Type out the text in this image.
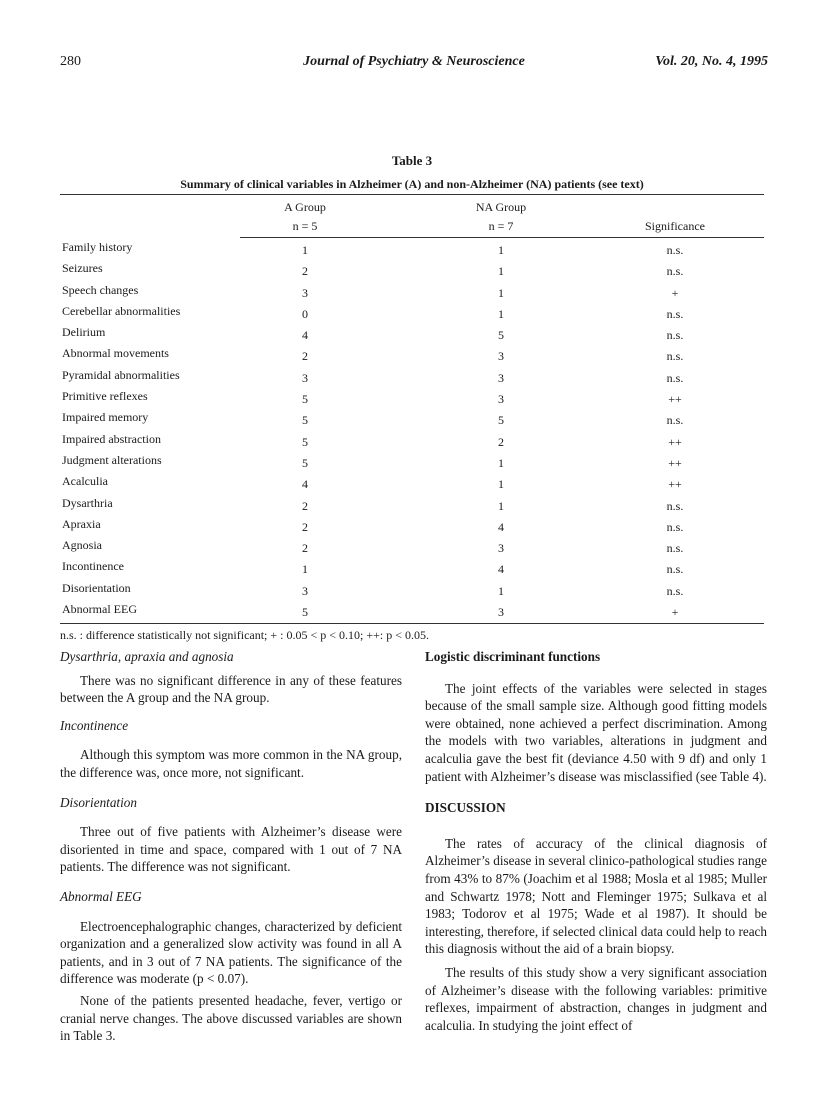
280	Journal of Psychiatry & Neuroscience	Vol. 20, No. 4, 1995

Table 3

Summary of clinical variables in Alzheimer (A) and non-Alzheimer (NA) patients (see text)

A Group	NA Group
n = 5	n = 7	Significance
Family history	1	1	n.s.
Seizures	2	1	n.s.
Speech changes	3	1	+
Cerebellar abnormalities	0	1	n.s.
Delirium	4	5	n.s.
Abnormal movements	2	3	n.s.
Pyramidal abnormalities	3	3	n.s.
Primitive reflexes	5	3	++
Impaired memory	5	5	n.s.
Impaired abstraction	5	2	++
Judgment alterations	5	1	++
Acalculia	4	1	++
Dysarthria	2	1	n.s.
Apraxia	2	4	n.s.
Agnosia	2	3	n.s.
Incontinence	1	4	n.s.
Disorientation	3	1	n.s.
Abnormal EEG	5	3	+
n.s. : difference statistically not significant; + : 0.05 < p < 0.10; ++: p < 0.05.

Dysarthria, apraxia and agnosia

There was no significant difference in any of these features between the A group and the NA group.

Incontinence

Although this symptom was more common in the NA group, the difference was, once more, not significant.

Disorientation

Three out of five patients with Alzheimer’s disease were disoriented in time and space, compared with 1 out of 7 NA patients. The difference was not significant.

Abnormal EEG

Electroencephalographic changes, characterized by deficient organization and a generalized slow activity was found in all A patients, and in 3 out of 7 NA patients. The significance of the difference was moderate (p < 0.07).

None of the patients presented headache, fever, vertigo or cranial nerve changes. The above discussed variables are shown in Table 3.

Logistic discriminant functions

The joint effects of the variables were selected in stages because of the small sample size. Although good fitting models were obtained, none achieved a perfect discrimination. Among the models with two variables, alterations in judgment and acalculia gave the best fit (deviance 4.50 with 9 df) and only 1 patient with Alzheimer’s disease was misclassified (see Table 4).

DISCUSSION

The rates of accuracy of the clinical diagnosis of Alzheimer’s disease in several clinico-pathological studies range from 43% to 87% (Joachim et al 1988; Mosla et al 1985; Muller and Schwartz 1978; Nott and Fleminger 1975; Sulkava et al 1983; Todorov et al 1975; Wade et al 1987). It should be interesting, therefore, if selected clinical data could help to reach this diagnosis without the aid of a brain biopsy.

The results of this study show a very significant association of Alzheimer’s disease with the following variables: primitive reflexes, impairment of abstraction, changes in judgment and acalculia. In studying the joint effect of
